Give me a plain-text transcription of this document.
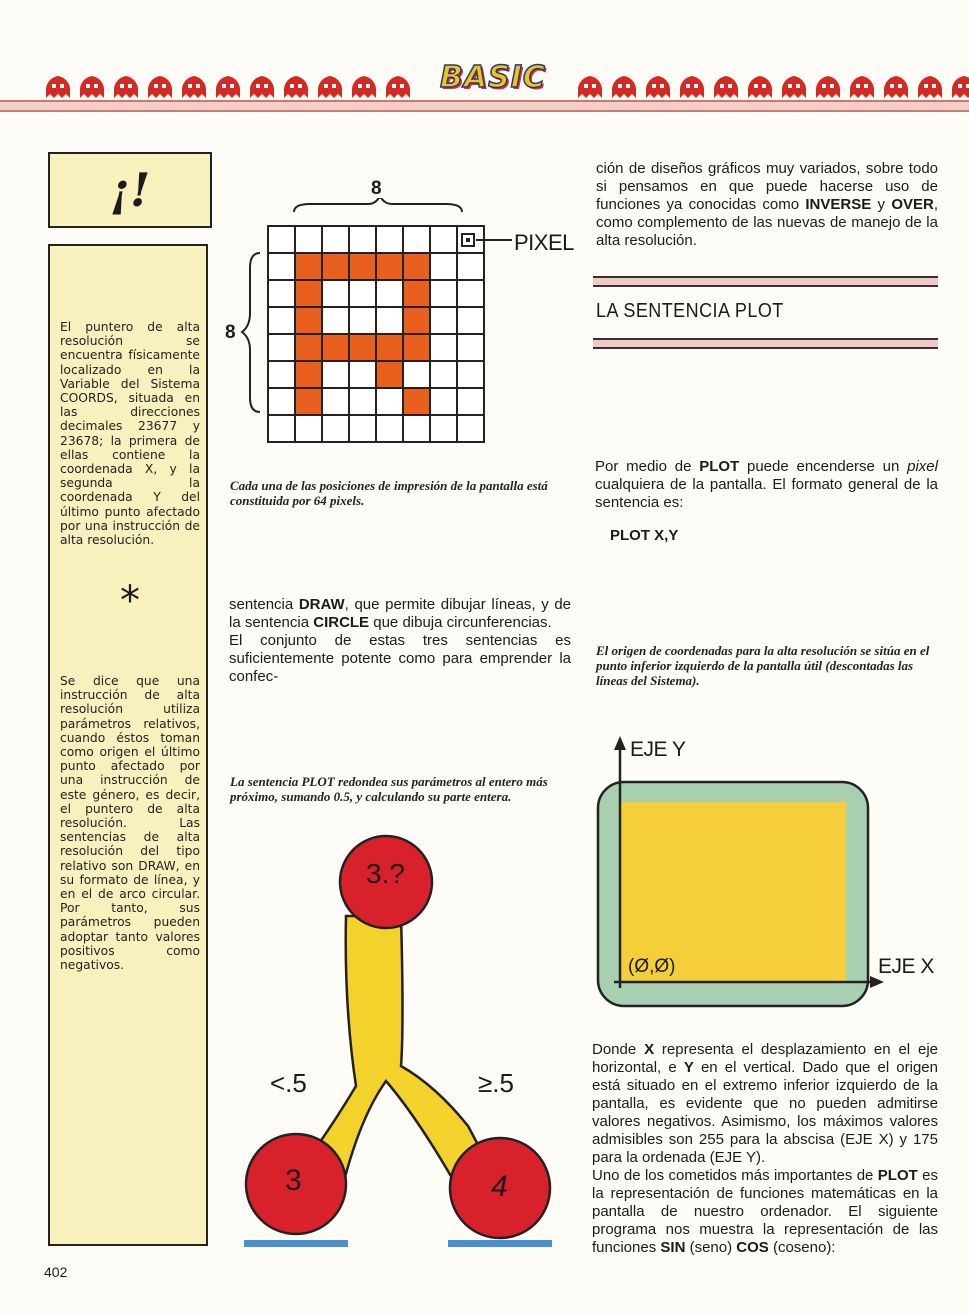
BASIC
¡!
El puntero de alta resolución se encuentra físicamente localizado en la Variable del Sistema COORDS, situada en las direcciones decimales 23677 y 23678; la primera de ellas contiene la coordenada X, y la segunda la coordenada Y del último punto afectado por una instrucción de alta resolución.
*
Se dice que una instrucción de alta resolución utiliza parámetros relativos, cuando éstos toman como origen el último punto afectado por una instrucción de este género, es decir, el puntero de alta resolución. Las sentencias de alta resolución del tipo relativo son DRAW, en su formato de línea, y en el de arco circular. Por tanto, sus parámetros pueden adoptar tanto valores positivos como negativos.
8
8
PIXEL
Cada una de las posiciones de impresión de la pantalla está constituida por 64 pixels.
sentencia DRAW, que permite dibujar líneas, y de la sentencia CIRCLE que dibuja circunferencias.
El conjunto de estas tres sentencias es suficientemente potente como para emprender la confec-
La sentencia PLOT redondea sus parámetros al entero más próximo, sumando 0.5, y calculando su parte entera.
3.?
3	4
<.5	≥.5
ción de diseños gráficos muy variados, sobre todo si pensamos en que puede hacerse uso de funciones ya conocidas como INVERSE y OVER, como complemento de las nuevas de manejo de la alta resolución.
LA SENTENCIA PLOT
Por medio de PLOT puede encenderse un pixel cualquiera de la pantalla. El formato general de la sentencia es:
PLOT X,Y
El origen de coordenadas para la alta resolución se sitúa en el punto inferior izquierdo de la pantalla útil (descontadas las líneas del Sistema).
EJE Y
EJE X
(Ø,Ø)
Donde X representa el desplazamiento en el eje horizontal, e Y en el vertical. Dado que el origen está situado en el extremo inferior izquierdo de la pantalla, es evidente que no pueden admitirse valores negativos. Asimismo, los máximos valores admisibles son 255 para la abscisa (EJE X) y 175 para la ordenada (EJE Y).
Uno de los cometidos más importantes de PLOT es la representación de funciones matemáticas en la pantalla de nuestro ordenador. El siguiente programa nos muestra la representación de las funciones SIN (seno) COS (coseno):
402
